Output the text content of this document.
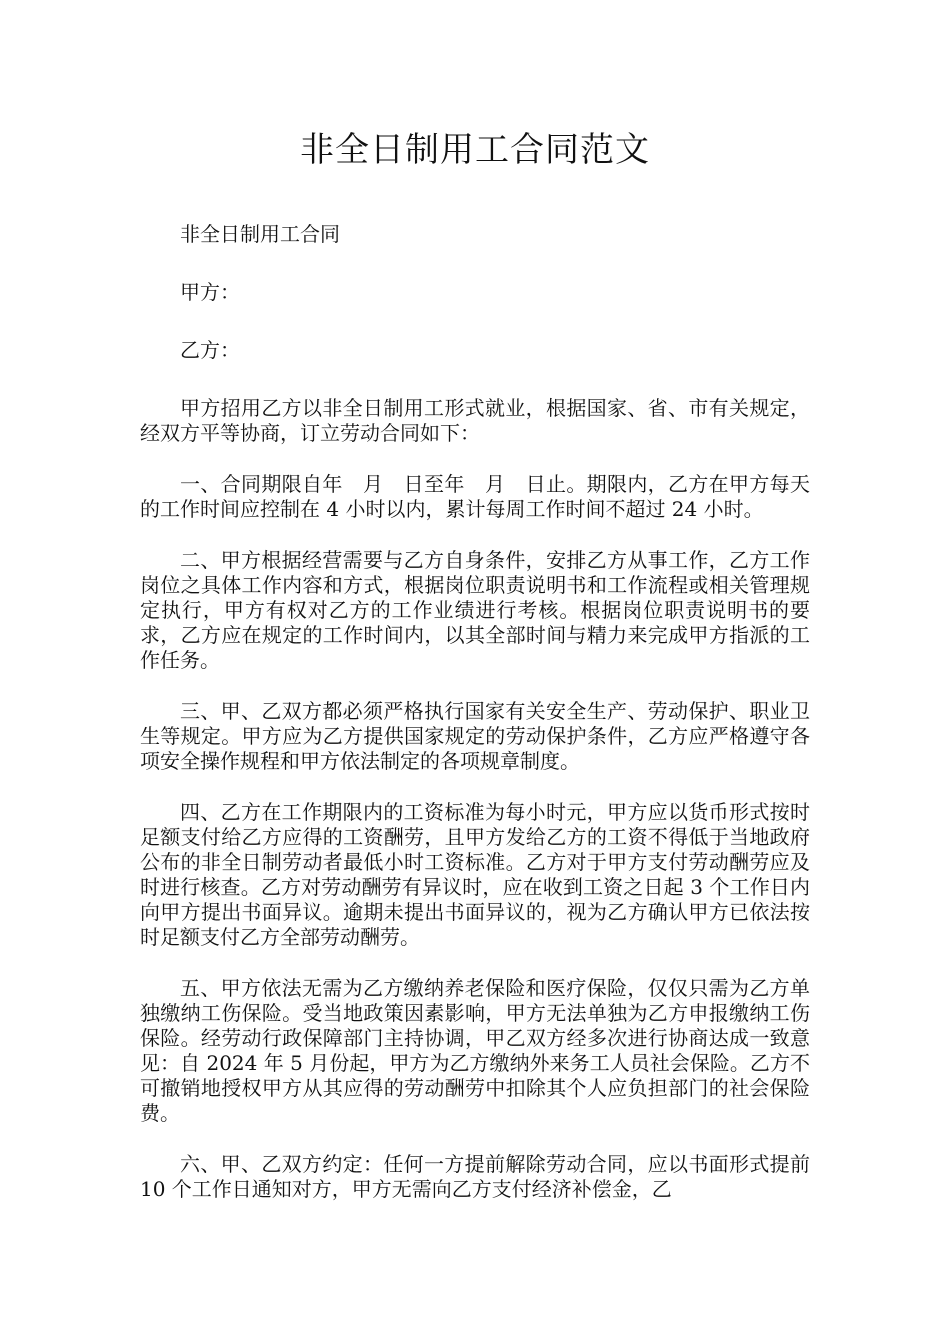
非全日制用工合同范文

非全日制用工合同

甲方：

乙方：

甲方招用乙方以非全日制用工形式就业，根据国家、省、市有关规定，经双方平等协商，订立劳动合同如下：

一、合同期限自年　月　日至年　月　日止。期限内，乙方在甲方每天的工作时间应控制在 4 小时以内，累计每周工作时间不超过 24 小时。

二、甲方根据经营需要与乙方自身条件，安排乙方从事工作，乙方工作岗位之具体工作内容和方式，根据岗位职责说明书和工作流程或相关管理规定执行，甲方有权对乙方的工作业绩进行考核。根据岗位职责说明书的要求，乙方应在规定的工作时间内，以其全部时间与精力来完成甲方指派的工作任务。

三、甲、乙双方都必须严格执行国家有关安全生产、劳动保护、职业卫生等规定。甲方应为乙方提供国家规定的劳动保护条件，乙方应严格遵守各项安全操作规程和甲方依法制定的各项规章制度。

四、乙方在工作期限内的工资标准为每小时元，甲方应以货币形式按时足额支付给乙方应得的工资酬劳，且甲方发给乙方的工资不得低于当地政府公布的非全日制劳动者最低小时工资标准。乙方对于甲方支付劳动酬劳应及时进行核查。乙方对劳动酬劳有异议时，应在收到工资之日起 3 个工作日内向甲方提出书面异议。逾期未提出书面异议的，视为乙方确认甲方已依法按时足额支付乙方全部劳动酬劳。

五、甲方依法无需为乙方缴纳养老保险和医疗保险，仅仅只需为乙方单独缴纳工伤保险。受当地政策因素影响，甲方无法单独为乙方申报缴纳工伤保险。经劳动行政保障部门主持协调，甲乙双方经多次进行协商达成一致意见：自 2024 年 5 月份起，甲方为乙方缴纳外来务工人员社会保险。乙方不可撤销地授权甲方从其应得的劳动酬劳中扣除其个人应负担部门的社会保险费。

六、甲、乙双方约定：任何一方提前解除劳动合同，应以书面形式提前 10 个工作日通知对方，甲方无需向乙方支付经济补偿金，乙
